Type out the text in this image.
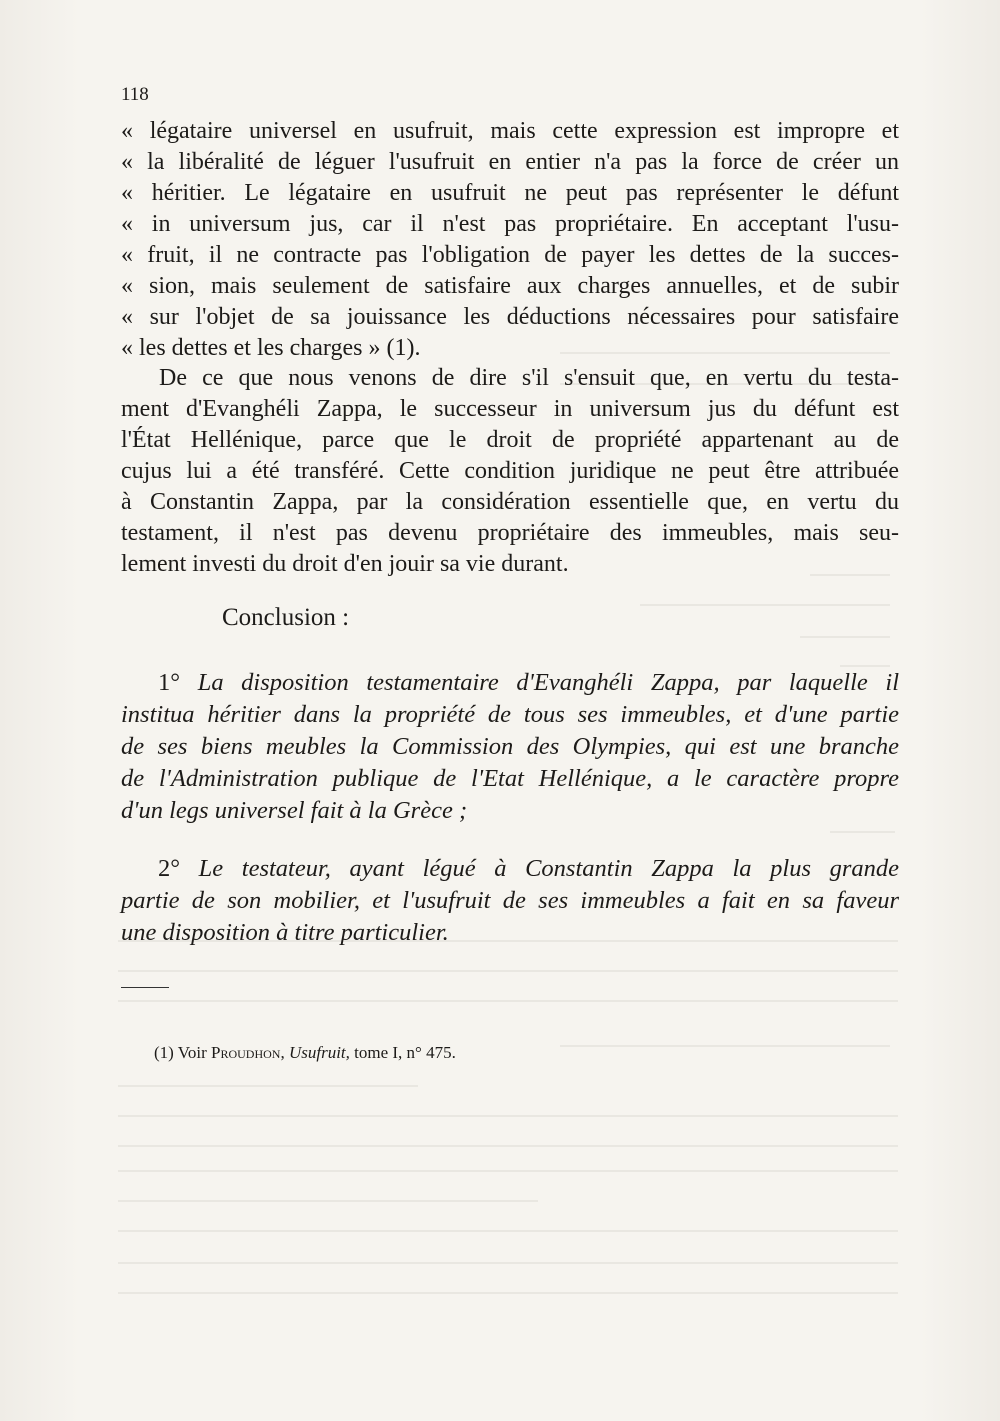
118
« légataire universel en usufruit, mais cette expression est impropre et
« la libéralité de léguer l'usufruit en entier n'a pas la force de créer un
« héritier. Le légataire en usufruit ne peut pas représenter le défunt
« in universum jus, car il n'est pas propriétaire. En acceptant l'usu-
« fruit, il ne contracte pas l'obligation de payer les dettes de la succes-
« sion, mais seulement de satisfaire aux charges annuelles, et de subir
« sur l'objet de sa jouissance les déductions nécessaires pour satisfaire
« les dettes et les charges » (1).
De ce que nous venons de dire s'il s'ensuit que, en vertu du testa-
ment d'Evanghéli Zappa, le successeur in universum jus du défunt est
l'État Hellénique, parce que le droit de propriété appartenant au de
cujus lui a été transféré. Cette condition juridique ne peut être attribuée
à Constantin Zappa, par la considération essentielle que, en vertu du
testament, il n'est pas devenu propriétaire des immeubles, mais seu-
lement investi du droit d'en jouir sa vie durant.
Conclusion :
1° La disposition testamentaire d'Evanghéli Zappa, par laquelle il
institua héritier dans la propriété de tous ses immeubles, et d'une partie
de ses biens meubles la Commission des Olympies, qui est une branche
de l'Administration publique de l'Etat Hellénique, a le caractère propre
d'un legs universel fait à la Grèce ;
2° Le testateur, ayant légué à Constantin Zappa la plus grande
partie de son mobilier, et l'usufruit de ses immeubles a fait en sa faveur
une disposition à titre particulier.
(1) Voir Proudhon, Usufruit, tome I, n° 475.
